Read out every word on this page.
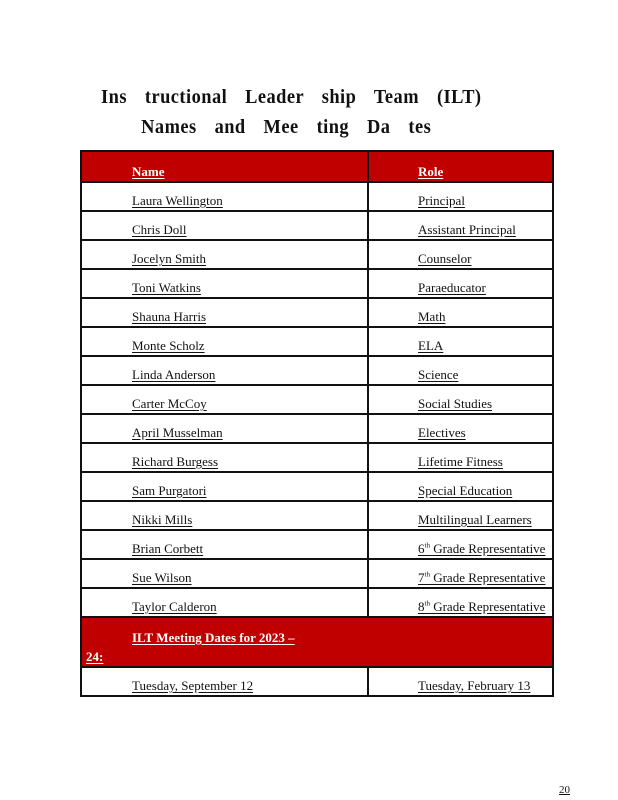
Ins tructional Leader ship Team (ILT)
Names and Mee ting Da tes
Name	Role
Laura Wellington	Principal
Chris Doll	Assistant Principal
Jocelyn Smith	Counselor
Toni Watkins	Paraeducator
Shauna Harris	Math
Monte Scholz	ELA
Linda Anderson	Science
Carter McCoy	Social Studies
April Musselman	Electives
Richard Burgess	Lifetime Fitness
Sam Purgatori	Special Education
Nikki Mills	Multilingual Learners
Brian Corbett	6th Grade Representative
Sue Wilson	7th Grade Representative
Taylor Calderon	8th Grade Representative

ILT Meeting Dates for 2023 –
24:	

Tuesday, September 12	Tuesday, February 13
20
